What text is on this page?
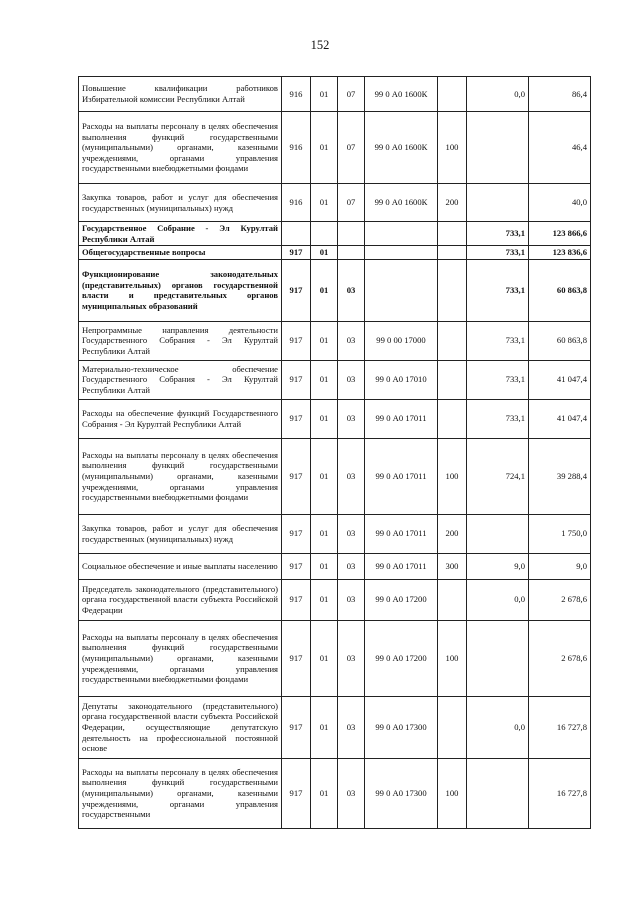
152
Повышение квалификации работников Избирательной комиссии Республики Алтай	916	01	07	99 0 А0 1600К		0,0	86,4
Расходы на выплаты персоналу в целях обеспечения выполнения функций государственными (муниципальными) органами, казенными учреждениями, органами управления государственными внебюджетными фондами	916	01	07	99 0 А0 1600К	100		46,4
Закупка товаров, работ и услуг для обеспечения государственных (муниципальных) нужд	916	01	07	99 0 А0 1600К	200		40,0
Государственное Собрание - Эл Курултай Республики Алтай						733,1	123 866,6
Общегосударственные вопросы	917	01				733,1	123 836,6
Функционирование законодательных (представительных) органов государственной власти и представительных органов муниципальных образований	917	01	03			733,1	60 863,8
Непрограммные направления деятельности Государственного Собрания - Эл Курултай Республики Алтай	917	01	03	99 0 00 17000		733,1	60 863,8
Материально-техническое обеспечение Государственного Собрания - Эл Курултай Республики Алтай	917	01	03	99 0 А0 17010		733,1	41 047,4
Расходы на обеспечение функций Государственного Собрания - Эл Курултай Республики Алтай	917	01	03	99 0 А0 17011		733,1	41 047,4
Расходы на выплаты персоналу в целях обеспечения выполнения функций государственными (муниципальными) органами, казенными учреждениями, органами управления государственными внебюджетными фондами	917	01	03	99 0 А0 17011	100	724,1	39 288,4
Закупка товаров, работ и услуг для обеспечения государственных (муниципальных) нужд	917	01	03	99 0 А0 17011	200		1 750,0
Социальное обеспечение и иные выплаты населению	917	01	03	99 0 А0 17011	300	9,0	9,0
Председатель законодательного (представительного) органа государственной власти субъекта Российской Федерации	917	01	03	99 0 А0 17200		0,0	2 678,6
Расходы на выплаты персоналу в целях обеспечения выполнения функций государственными (муниципальными) органами, казенными учреждениями, органами управления государственными внебюджетными фондами	917	01	03	99 0 А0 17200	100		2 678,6
Депутаты законодательного (представительного) органа государственной власти субъекта Российской Федерации, осуществляющие депутатскую деятельность на профессиональной постоянной основе	917	01	03	99 0 А0 17300		0,0	16 727,8
Расходы на выплаты персоналу в целях обеспечения выполнения функций государственными (муниципальными) органами, казенными учреждениями, органами управления государственными	917	01	03	99 0 А0 17300	100		16 727,8
